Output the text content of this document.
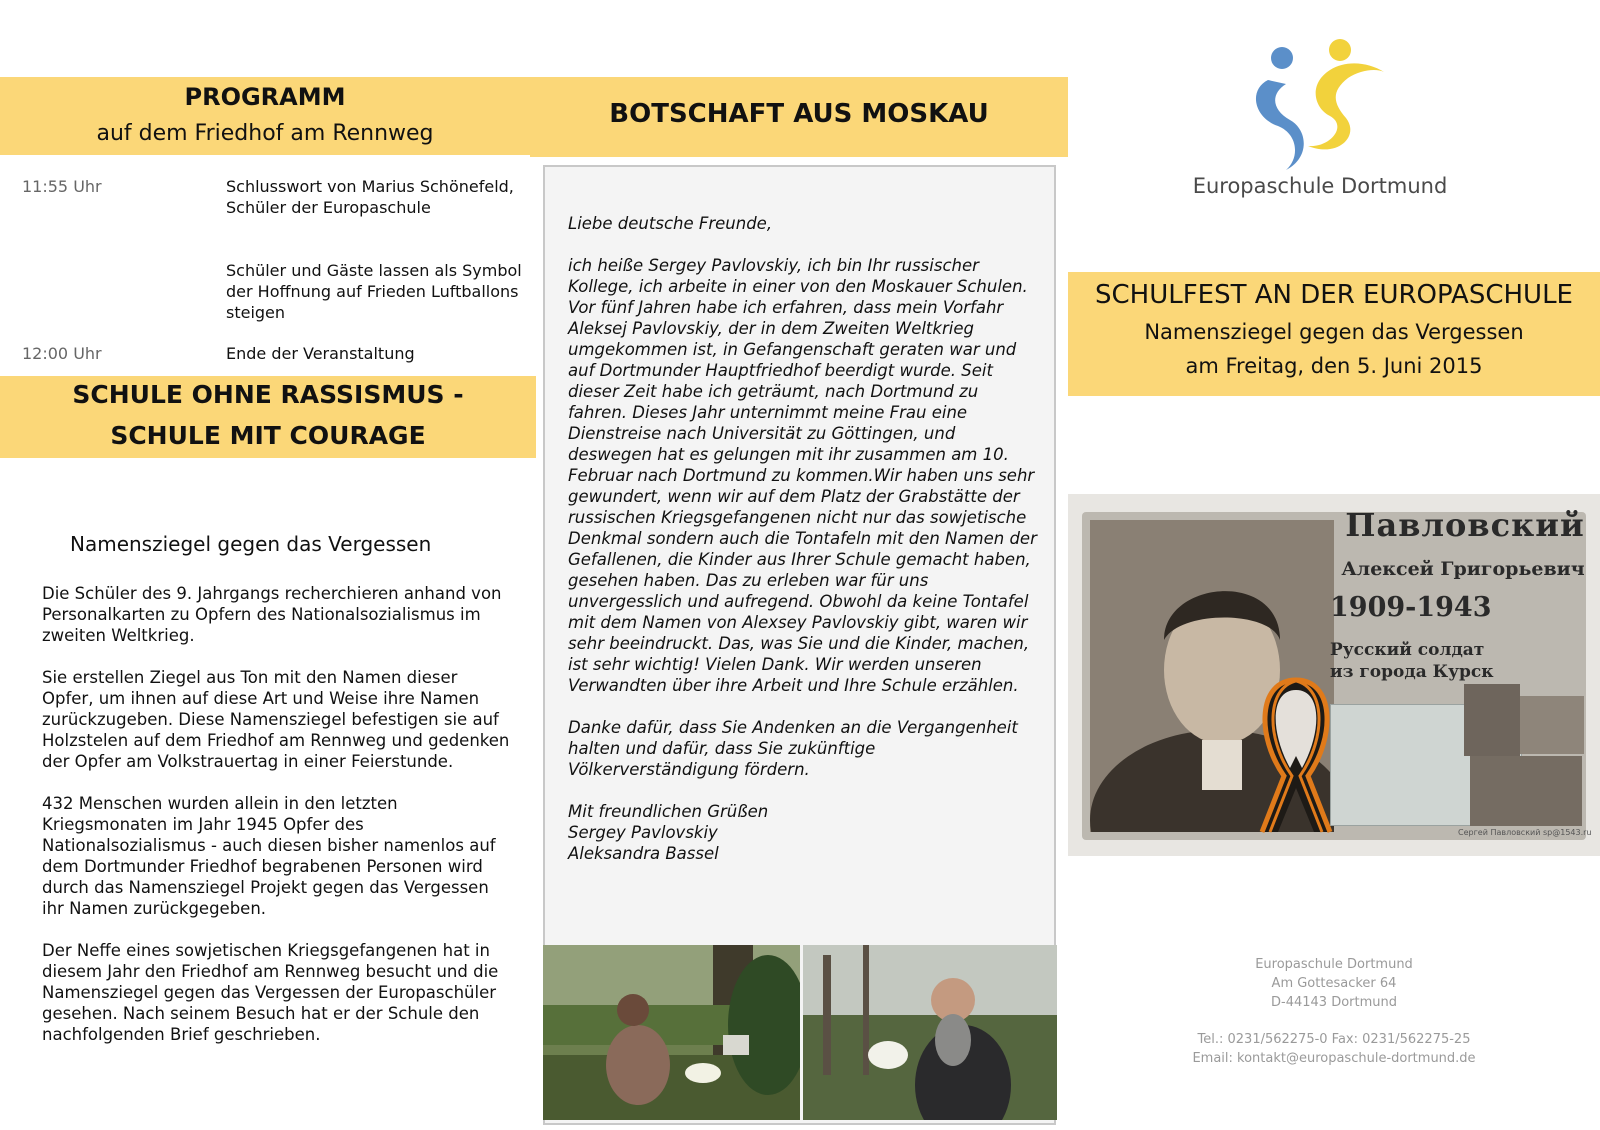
PROGRAMM
auf dem Friedhof am Rennweg
11:55 Uhr	Schlusswort von Marius Schönefeld, Schüler der Europaschule
Schüler und Gäste lassen als Symbol der Hoffnung auf Frieden Luftballons steigen
12:00 Uhr	Ende der Veranstaltung
SCHULE OHNE RASSISMUS -
SCHULE MIT COURAGE
Namensziegel gegen das Vergessen

Die Schüler des 9. Jahrgangs recherchieren anhand von Personalkarten zu Opfern des Nationalsozialismus im zweiten Weltkrieg.

Sie erstellen Ziegel aus Ton mit den Namen dieser Opfer, um ihnen auf diese Art und Weise ihre Namen zurückzugeben. Diese Namensziegel befestigen sie auf Holzstelen auf dem Friedhof am Rennweg und gedenken der Opfer am Volkstrauertag in einer Feierstunde.

432 Menschen wurden allein in den letzten Kriegsmonaten im Jahr 1945 Opfer des Nationalsozialismus - auch diesen bisher namenlos auf dem Dortmunder Friedhof begrabenen Personen wird durch das Namensziegel Projekt gegen das Vergessen ihr Namen zurückgegeben.

Der Neffe eines sowjetischen Kriegsgefangenen hat in diesem Jahr den Friedhof am Rennweg besucht und die Namensziegel gegen das Vergessen der Europaschüler gesehen. Nach seinem Besuch hat er der Schule den nachfolgenden Brief geschrieben.

BOTSCHAFT AUS MOSKAU

Liebe deutsche Freunde,

ich heiße Sergey Pavlovskiy, ich bin Ihr russischer Kollege, ich arbeite in einer von den Moskauer Schulen. Vor fünf Jahren habe ich erfahren, dass mein Vorfahr Aleksej Pavlovskiy, der in dem Zweiten Weltkrieg umgekommen ist, in Gefangenschaft geraten war und auf Dortmunder Hauptfriedhof beerdigt wurde. Seit dieser Zeit habe ich geträumt, nach Dortmund zu fahren. Dieses Jahr unternimmt meine Frau eine Dienstreise nach Universität zu Göttingen, und deswegen hat es gelungen mit ihr zusammen am 10. Februar nach Dortmund zu kommen.Wir haben uns sehr gewundert, wenn wir auf dem Platz der Grabstätte der russischen Kriegsgefangenen nicht nur das sowjetische Denkmal sondern auch die Tontafeln mit den Namen der Gefallenen, die Kinder aus Ihrer Schule gemacht haben, gesehen haben. Das zu erleben war für uns unvergesslich und aufregend. Obwohl da keine Tontafel mit dem Namen von Alexsey Pavlovskiy gibt, waren wir sehr beeindruckt. Das, was Sie und die Kinder, machen, ist sehr wichtig! Vielen Dank. Wir werden unseren Verwandten über ihre Arbeit und Ihre Schule erzählen.

Danke dafür, dass Sie Andenken an die Vergangenheit halten und dafür, dass Sie zukünftige Völkerverständigung fördern.

Mit freundlichen Grüßen
Sergey Pavlovskiy
Aleksandra Bassel
Europaschule Dortmund
SCHULFEST AN DER EUROPASCHULE
Namensziegel gegen das Vergessen
am Freitag, den 5. Juni 2015
Павловский
Алексей Григорьевич
1909-1943
Русский солдат
из города Курск
Сергей Павловский sp@1543.ru
Europaschule Dortmund
Am Gottesacker 64
D-44143 Dortmund
Tel.: 0231/562275-0 Fax: 0231/562275-25
Email: kontakt@europaschule-dortmund.de
